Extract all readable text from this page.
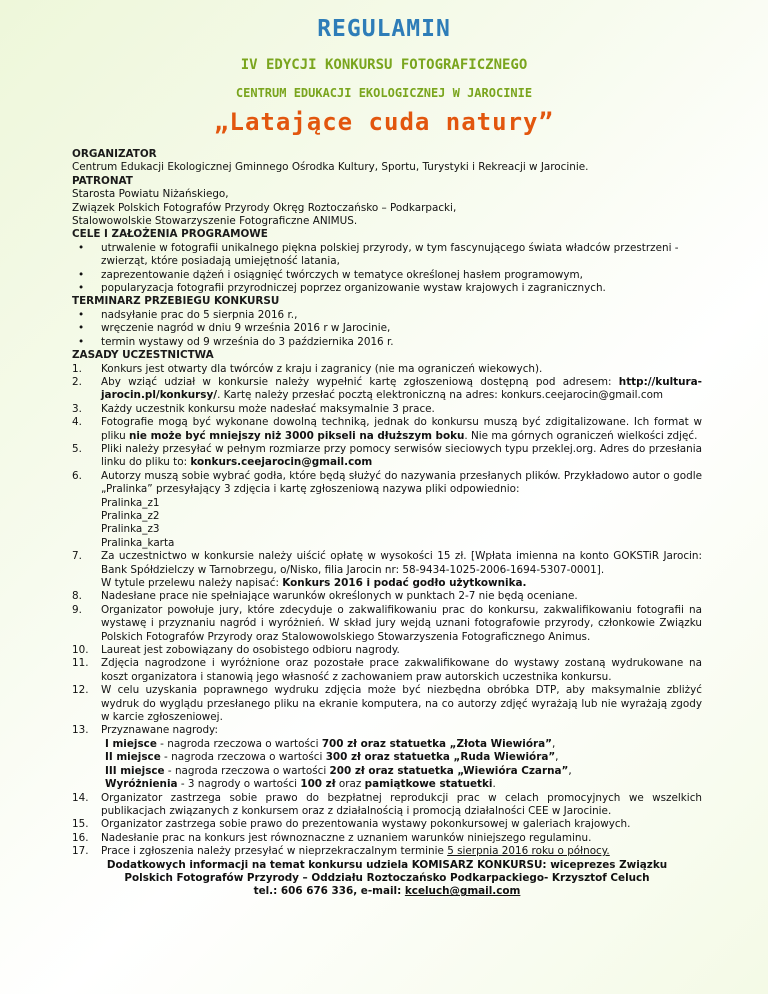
REGULAMIN
IV EDYCJI KONKURSU FOTOGRAFICZNEGO
CENTRUM EDUKACJI EKOLOGICZNEJ W JAROCINIE
„Latające cuda natury”
ORGANIZATOR
Centrum Edukacji Ekologicznej Gminnego Ośrodka Kultury, Sportu, Turystyki i Rekreacji w Jarocinie.
PATRONAT
Starosta Powiatu Niżańskiego,
Związek Polskich Fotografów Przyrody Okręg Roztoczańsko – Podkarpacki,
Stalowowolskie Stowarzyszenie Fotograficzne ANIMUS.
CELE I ZAŁOŻENIA PROGRAMOWE
• utrwalenie w fotografii unikalnego piękna polskiej przyrody, w tym fascynującego świata władców przestrzeni - zwierząt, które posiadają umiejętność latania,
• zaprezentowanie dążeń i osiągnięć twórczych w tematyce określonej hasłem programowym,
• popularyzacja fotografii przyrodniczej poprzez organizowanie wystaw krajowych i zagranicznych.
TERMINARZ PRZEBIEGU KONKURSU
• nadsyłanie prac do 5 sierpnia 2016 r.,
• wręczenie nagród w dniu 9 września 2016 r w Jarocinie,
• termin wystawy od 9 września do 3 października 2016 r.
ZASADY UCZESTNICTWA
1. Konkurs jest otwarty dla twórców z kraju i zagranicy (nie ma ograniczeń wiekowych).
2. Aby wziąć udział w konkursie należy wypełnić kartę zgłoszeniową dostępną pod adresem: http://kultura-jarocin.pl/konkursy/. Kartę należy przesłać pocztą elektroniczną na adres: konkurs.ceejarocin@gmail.com
3. Każdy uczestnik konkursu może nadesłać maksymalnie 3 prace.
4. Fotografie mogą być wykonane dowolną techniką, jednak do konkursu muszą być zdigitalizowane. Ich format w pliku nie może być mniejszy niż 3000 pikseli na dłuższym boku. Nie ma górnych ograniczeń wielkości zdjęć.
5. Pliki należy przesyłać w pełnym rozmiarze przy pomocy serwisów sieciowych typu przeklej.org. Adres do przesłania linku do pliku to: konkurs.ceejarocin@gmail.com
6. Autorzy muszą sobie wybrać godła, które będą służyć do nazywania przesłanych plików. Przykładowo autor o godle „Pralinka” przesyłający 3 zdjęcia i kartę zgłoszeniową nazywa pliki odpowiednio:
Pralinka_z1
Pralinka_z2
Pralinka_z3
Pralinka_karta
7. Za uczestnictwo w konkursie należy uiścić opłatę w wysokości 15 zł. [Wpłata imienna na konto GOKSTiR Jarocin: Bank Spółdzielczy w Tarnobrzegu, o/Nisko, filia Jarocin nr: 58-9434-1025-2006-1694-5307-0001].
W tytule przelewu należy napisać: Konkurs 2016 i podać godło użytkownika.
8. Nadesłane prace nie spełniające warunków określonych w punktach 2-7 nie będą oceniane.
9. Organizator powołuje jury, które zdecyduje o zakwalifikowaniu prac do konkursu, zakwalifikowaniu fotografii na wystawę i przyznaniu nagród i wyróżnień. W skład jury wejdą uznani fotografowie przyrody, członkowie Związku Polskich Fotografów Przyrody oraz Stalowowolskiego Stowarzyszenia Fotograficznego Animus.
10. Laureat jest zobowiązany do osobistego odbioru nagrody.
11. Zdjęcia nagrodzone i wyróżnione oraz pozostałe prace zakwalifikowane do wystawy zostaną wydrukowane na koszt organizatora i stanowią jego własność z zachowaniem praw autorskich uczestnika konkursu.
12. W celu uzyskania poprawnego wydruku zdjęcia może być niezbędna obróbka DTP, aby maksymalnie zbliżyć wydruk do wyglądu przesłanego pliku na ekranie komputera, na co autorzy zdjęć wyrażają lub nie wyrażają zgody w karcie zgłoszeniowej.
13. Przyznawane nagrody:
I miejsce - nagroda rzeczowa o wartości 700 zł oraz statuetka „Złota Wiewióra”,
II miejsce - nagroda rzeczowa o wartości 300 zł oraz statuetka „Ruda Wiewióra”,
III miejsce - nagroda rzeczowa o wartości 200 zł oraz statuetka „Wiewióra Czarna”,
Wyróżnienia - 3 nagrody o wartości 100 zł oraz pamiątkowe statuetki.
14. Organizator zastrzega sobie prawo do bezpłatnej reprodukcji prac w celach promocyjnych we wszelkich publikacjach związanych z konkursem oraz z działalnością i promocją działalności CEE w Jarocinie.
15. Organizator zastrzega sobie prawo do prezentowania wystawy pokonkursowej w galeriach krajowych.
16. Nadesłanie prac na konkurs jest równoznaczne z uznaniem warunków niniejszego regulaminu.
17. Prace i zgłoszenia należy przesyłać w nieprzekraczalnym terminie 5 sierpnia 2016 roku o północy.
Dodatkowych informacji na temat konkursu udziela KOMISARZ KONKURSU: wiceprezes Związku Polskich Fotografów Przyrody – Oddziału Roztoczańsko Podkarpackiego- Krzysztof Celuch
tel.: 606 676 336, e-mail: kceluch@gmail.com
